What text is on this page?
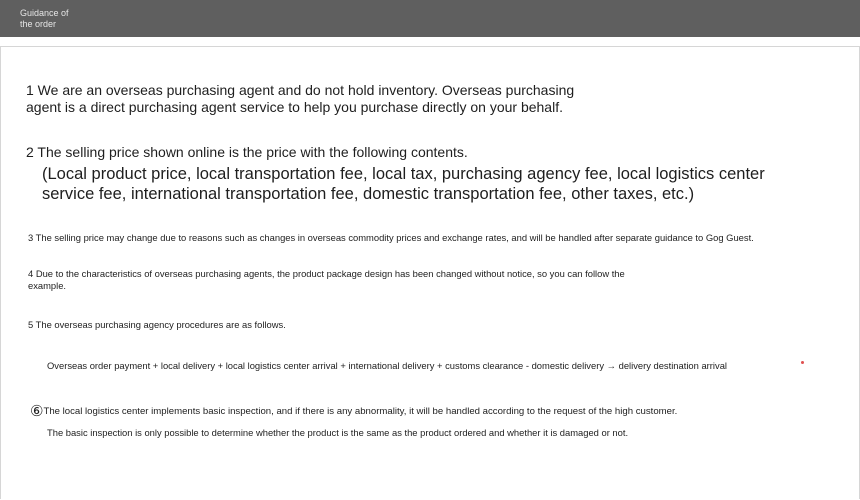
Guidance of
the order
1 We are an overseas purchasing agent and do not hold inventory. Overseas purchasing agent is a direct purchasing agent service to help you purchase directly on your behalf.
2 The selling price shown online is the price with the following contents.
(Local product price, local transportation fee, local tax, purchasing agency fee, local logistics center service fee, international transportation fee, domestic transportation fee, other taxes, etc.)
3 The selling price may change due to reasons such as changes in overseas commodity prices and exchange rates, and will be handled after separate guidance to Gog Guest.
4 Due to the characteristics of overseas purchasing agents, the product package design has been changed without notice, so you can follow the example.
5 The overseas purchasing agency procedures are as follows.
Overseas order payment + local delivery + local logistics center arrival + international delivery + customs clearance - domestic delivery → delivery destination arrival
⑥The local logistics center implements basic inspection, and if there is any abnormality, it will be handled according to the request of the high customer.
The basic inspection is only possible to determine whether the product is the same as the product ordered and whether it is damaged or not.
